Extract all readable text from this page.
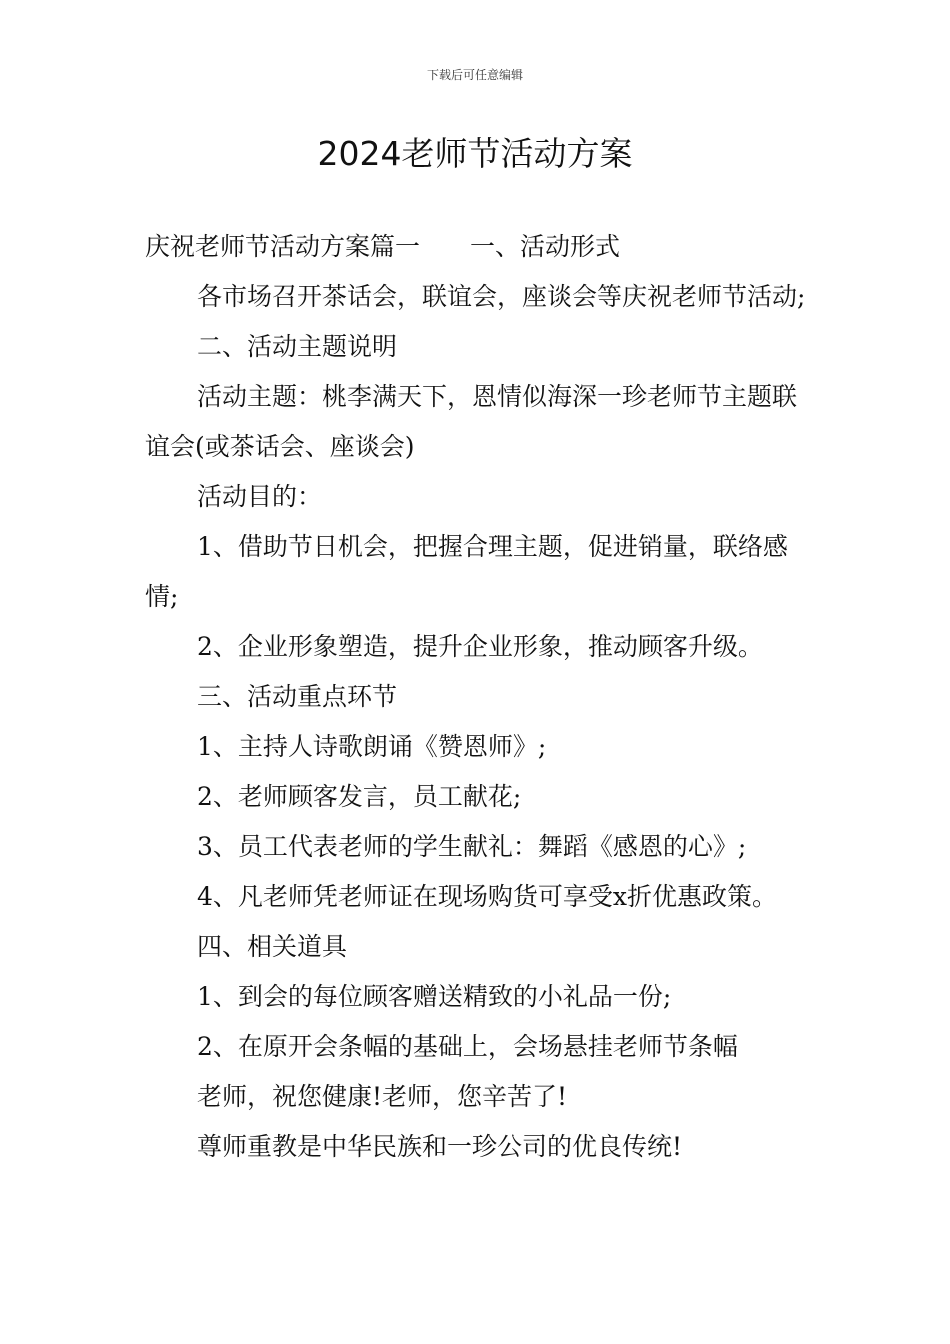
下载后可任意编辑
2024老师节活动方案

庆祝老师节活动方案篇一 一、活动形式

各市场召开茶话会，联谊会，座谈会等庆祝老师节活动;

二、活动主题说明

活动主题：桃李满天下，恩情似海深一珍老师节主题联谊会(或茶话会、座谈会)

活动目的：

1、借助节日机会，把握合理主题，促进销量，联络感情;

2、企业形象塑造，提升企业形象，推动顾客升级。

三、活动重点环节

1、主持人诗歌朗诵《赞恩师》;

2、老师顾客发言，员工献花;

3、员工代表老师的学生献礼：舞蹈《感恩的心》;

4、凡老师凭老师证在现场购货可享受x折优惠政策。

四、相关道具

1、到会的每位顾客赠送精致的小礼品一份;

2、在原开会条幅的基础上，会场悬挂老师节条幅

老师，祝您健康!老师，您辛苦了!

尊师重教是中华民族和一珍公司的优良传统!
